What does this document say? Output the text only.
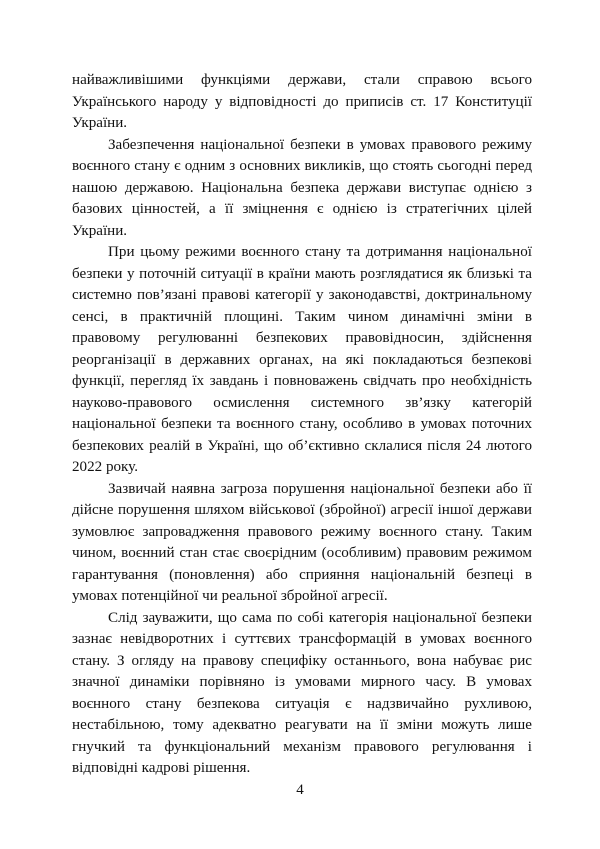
найважливішими функціями держави, стали справою всього Українського народу у відповідності до приписів ст. 17 Конституції України.

Забезпечення національної безпеки в умовах правового режиму воєнного стану є одним з основних викликів, що стоять сьогодні перед нашою державою. Національна безпека держави виступає однією з базових цінностей, а її зміцнення є однією із стратегічних цілей України.

При цьому режими воєнного стану та дотримання національної безпеки у поточній ситуації в країни мають розглядатися як близькі та системно пов’язані правові категорії у законодавстві, доктринальному сенсі, в практичній площині. Таким чином динамічні зміни в правовому регулюванні безпекових правовідносин, здійснення реорганізації в державних органах, на які покладаються безпекові функції, перегляд їх завдань і повноважень свідчать про необхідність науково-правового осмислення системного зв’язку категорій національної безпеки та воєнного стану, особливо в умовах поточних безпекових реалій в Україні, що об’єктивно склалися після 24 лютого 2022 року.

Зазвичай наявна загроза порушення національної безпеки або її дійсне порушення шляхом військової (збройної) агресії іншої держави зумовлює запровадження правового режиму воєнного стану. Таким чином, воєнний стан стає своєрідним (особливим) правовим режимом гарантування (поновлення) або сприяння національній безпеці в умовах потенційної чи реальної збройної агресії.

Слід зауважити, що сама по собі категорія національної безпеки зазнає невідворотних і суттєвих трансформацій в умовах воєнного стану. З огляду на правову специфіку останнього, вона набуває рис значної динаміки порівняно із умовами мирного часу. В умовах воєнного стану безпекова ситуація є надзвичайно рухливою, нестабільною, тому адекватно реагувати на її зміни можуть лише гнучкий та функціональний механізм правового регулювання і відповідні кадрові рішення.

4
